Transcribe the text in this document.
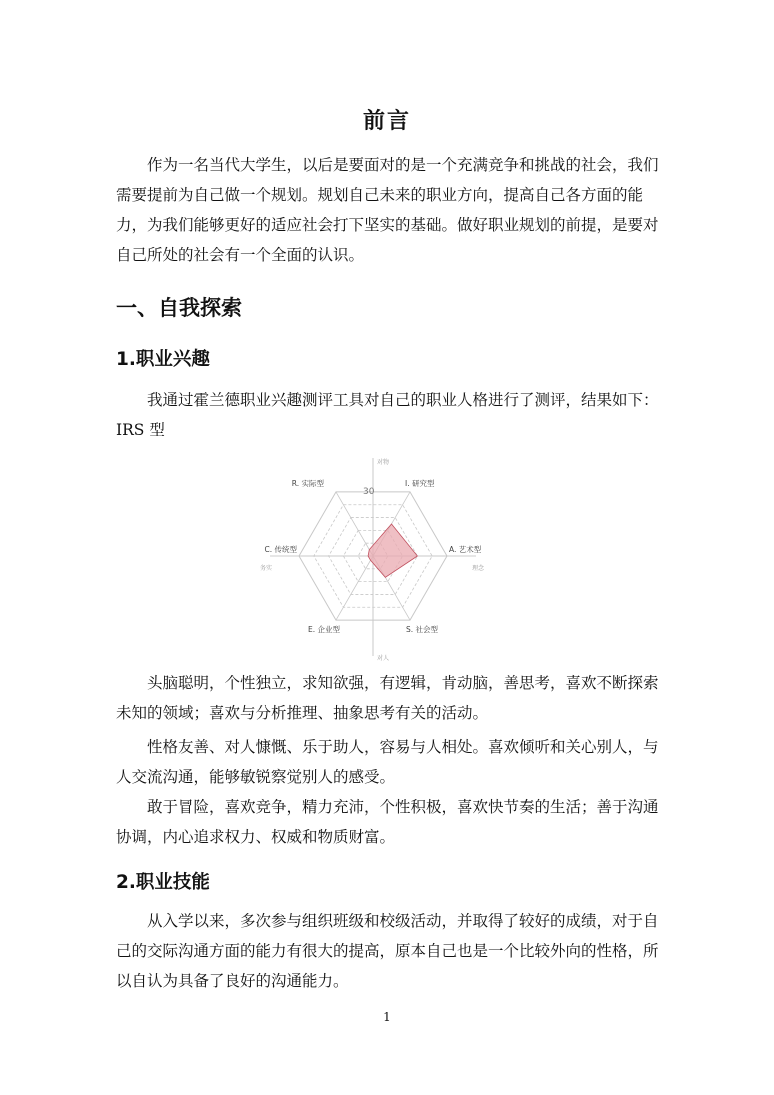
前言
作为一名当代大学生，以后是要面对的是一个充满竞争和挑战的社会，我们需要提前为自己做一个规划。规划自己未来的职业方向，提高自己各方面的能力，为我们能够更好的适应社会打下坚实的基础。做好职业规划的前提，是要对自己所处的社会有一个全面的认识。
一、自我探索
1.职业兴趣
我通过霍兰德职业兴趣测评工具对自己的职业人格进行了测评，结果如下：
IRS 型
30
R. 实际型	I. 研究型
A. 艺术型
S. 社会型
E. 企业型
C. 传统型
对物
对人
务实	理念
头脑聪明，个性独立，求知欲强，有逻辑，肯动脑，善思考，喜欢不断探索未知的领域；喜欢与分析推理、抽象思考有关的活动。
性格友善、对人慷慨、乐于助人，容易与人相处。喜欢倾听和关心别人，与人交流沟通，能够敏锐察觉别人的感受。
敢于冒险，喜欢竞争，精力充沛，个性积极，喜欢快节奏的生活；善于沟通协调，内心追求权力、权威和物质财富。
2.职业技能
从入学以来，多次参与组织班级和校级活动，并取得了较好的成绩，对于自己的交际沟通方面的能力有很大的提高，原本自己也是一个比较外向的性格，所以自认为具备了良好的沟通能力。
1
